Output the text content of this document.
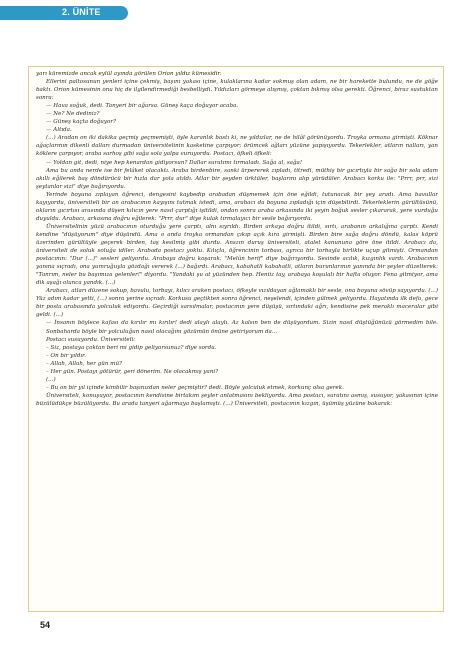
2. ÜNİTE

yarı küremizde ancak eylül ayında görülen Orion yıldız kümesidir.

Ellerini paltosunun yenleri içine çekmiş, başını yakası içine, kulaklarına kadar sokmuş olan adam, ne bir harekette bulundu, ne de göğe baktı. Orion kümesinin onu hiç de ilgilendirmediği besbelliydi. Yıldızları görmeye alışmış, çoktan bıkmış olsa gerekti. Öğrenci, biraz sustuktan sonra:

— Hava soğuk, dedi. Tanyeri bir ağarsa. Güneş kaça doğuyor acaba.

— Ne? Ne dediniz?

— Güneş kaçta doğuyor?

— Altıda.

(...) Aradan on iki dakika geçmiş geçmemişti, öyle karanlık bastı ki, ne yıldızlar, ne de hilâl görünüyordu. Troyka ormana girmişti. Köknar ağaçlarının dikenli dalları durmadan üniversitelinin kasketine çarpıyor; örümcek ağları yüzüne yapışıyordu. Tekerlekler, atların nalları, yan köklere çarpıyor, araba sarhoş gibi sağa sola yalpa vuruyordu. Postacı, öfkeli öfkeli:

— Yoldan git, dedi, niye hep kenardan gidiyorsun? Dallar suratımı tırmaladı. Sağa al, sağa!

Ama bu anda nerde ise bir felâket olacaktı. Araba birdenbire, sanki ürpererek zıpladı, titredi, müthiş bir gıcırtıyla bir sağa bir sola adam akıllı eğilerek baş döndürücü bir hızla dar yola atıldı. Atlar bir şeyden ürktüler, başlarını alıp yürüdüler. Arabacı korku ile: "Prrr, prr, sizi şeytanlar sizi" diye bağırıyordu.

Yerinde boyuna zıplayan öğrenci, dengesini kaybedip arabadan düşmemek için öne eğildi, tutunacak bir şey aradı. Ama bavullar kayıyordu, üniversiteli bir an arabacının kayışını tutmak istedi, ama, arabacı da boyuna zıpladığı için düşebilirdi. Tekerleklerin gürültüsünü, okların gıcırtısı arasında düşen kılıcın yere nasıl çarptığı işitildi, ondan sonra araba arkasında iki şeyin boğuk sesler çıkararak, yere vurduğu duyuldu. Arabacı, arkasına doğru eğilerek: "Prrr, dur" diye kulak tırmalayıcı bir sesle bağırıyordu.

Üniversitelinin yüzü arabacının oturduğu yere çarptı, alnı sıyrıldı. Birden arkaya doğru itildi, sırtı, arabanın arkalığına çarptı. Kendi kendine "düşüyorum" diye düşündü. Ama o anda troyka ormandan çıkıp açık kıra girmişti. Birden bire sağa doğru döndü, kalas köprü üzerinden gürültüyle geçerek birden, taş kesilmiş gibi durdu. Anszın duruş üniversiteli, atalet kanununa göre öne itildi. Arabacı da, üniversiteli de soluk soluğa idiler. Arabada postacı yoktu. Kılıçla, öğrencinin torbası, ayrıca bir torbayla birlikte uçup gitmişti. Ormandan postacının: "Dur (...)" sesleri geliyordu. Arabaya doğru koşarak: "Melûn herif" diye bağırıyordu. Sesinde acılık, kızgınlık vardı. Arabacının yanına sıçradı, ona yumruğuyla gözdağı vererek (...) bağırdı. Arabacı, kabahatli kabahatli, atların burunlarının yanında bir şeyler düzelterek: "Tanrım, neler bu başımıza gelenler!" diyordu. "Yandaki şu at yüzünden hep. Heniiz tay, arabaya koşulalı bir hafta oluyor. Fena gitmiyor, ama dik aşağı olunca yandık. (...)

Arabacı, atları düzene sokup, bavulu, torbayı, kılıcı araken postacı, öfkeyle vızıldayan ağlamaklı bir sesle, ona boyuna sövüp sayıyordu. (...) Yüz adım kadar yetti, (...) sonra yerine sıçradı. Korkusu geçtikten sonra öğrenci, neşelendi, içinden gülmek geliyordu. Hayatında ilk defa, gece bir posta arabasında yolculuk ediyordu. Geçirdiği sarsılmalar, postacının yere düşüşü, sırtındaki ağrı, kendisine pek meraklı maceralar gibi geldi. (...)

— İnsanın böylece kafası da kırılır mı kırılır! dedi alaylı alaylı. Az kalsın ben de düşüyordum. Sizin nasıl düştüğünüzü görmedim bile. Sonbaharda böyle bir yolculuğun nasıl olacağını gözümün önüne getiriyorum da...

Postacı susuyordu. Üniversiteli:

– Siz, postaya çoktan beri mi gidip geliyorsunuz? diye sordu.

– On bir yıldır.

– Allah, Allah, her gün mü?

– Her gün. Postayı götürür, geri dönerim. Ne olacakmış yani?

(...)

– Bu on bir yıl içinde kimbilir başınızdan neler geçmiştir? dedi. Böyle yolculuk etmek, korkunç olsa gerek.

Üniversiteli, konuşuyor, postacının kendisine birtakım şeyler anlatmasını bekliyordu. Ama postacı, suratını asmış, susuyor, yakasının içine büzülüdükçe büzülüyordu. Bu arada tanyeri ağarmaya başlamıştı. (...) Üniversiteli, postacının kızgın, üşümüş yüzüne bakarak:

54
